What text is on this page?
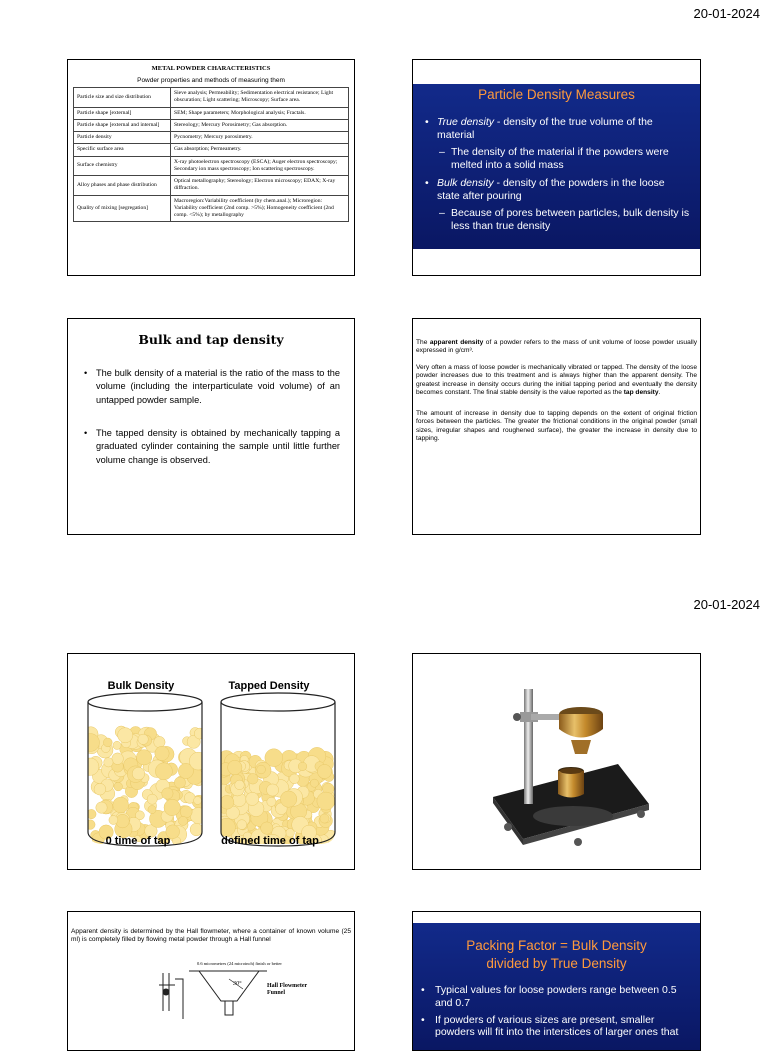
20-01-2024
20-01-2024
METAL POWDER CHARACTERISTICS
Powder properties and methods of measuring them
Particle size and size distribution	Sieve analysis; Permeability; Sedimentation electrical resistance; Light obscuration; Light scattering; Microscopy; Surface area.
Particle shape [external]	SEM; Shape parameters; Morphological analysis; Fractals.
Particle shape [external and internal]	Stereology; Mercury Porosimetry; Gas absorption.
Particle density	Pycnometry; Mercury porosimetry.
Specific surface area	Gas absorption; Permeametry.
Surface chemistry	X-ray photoelectron spectroscopy (ESCA); Auger electron spectroscopy; Secondary ion mass spectroscopy; Ion scattering spectroscopy.
Alloy phases and phase distribution	Optical metallography; Stereology; Electron microscopy; EDAX; X-ray diffraction.
Quality of mixing [segregation]	Macroregion:Variability coefficient (by chem.anal.); Microregion: Variability coefficient (2nd comp. >5%); Homogeneity coefficient (2nd comp. <5%); by metallography
Particle Density Measures
• True density - density of the true volume of the material
– The density of the material if the powders were melted into a solid mass
• Bulk density - density of the powders in the loose state after pouring
– Because of pores between particles, bulk density is less than true density
Bulk and tap density
• The bulk density of a material is the ratio of the mass to the volume (including the interparticulate void volume) of an untapped powder sample.
• The tapped density is obtained by mechanically tapping a graduated cylinder containing the sample until little further volume change is observed.

The apparent density of a powder refers to the mass of unit volume of loose powder usually expressed in g/cm³.

Very often a mass of loose powder is mechanically vibrated or tapped. The density of the loose powder increases due to this treatment and is always higher than the apparent density. The greatest increase in density occurs during the initial tapping period and eventually the density becomes constant. The final stable density is the value reported as the tap density.

The amount of increase in density due to tapping depends on the extent of original friction forces between the particles. The greater the frictional conditions in the original powder (small sizes, irregular shapes and roughened surface), the greater the increase in density due to tapping.

Bulk Density	Tapped Density
0 time of tap	defined time of tap
Apparent density is determined by the Hall flowmeter, where a container of known volume (25 ml) is completely filled by flowing metal powder through a Hall funnel
0.6 micrometres (24 microinch) finish or better
30°	Hall Flowmeter Funnel
Packing Factor = Bulk Density
divided by True Density
• Typical values for loose powders range between 0.5 and 0.7
• If powders of various sizes are present, smaller powders will fit into the interstices of larger ones that
